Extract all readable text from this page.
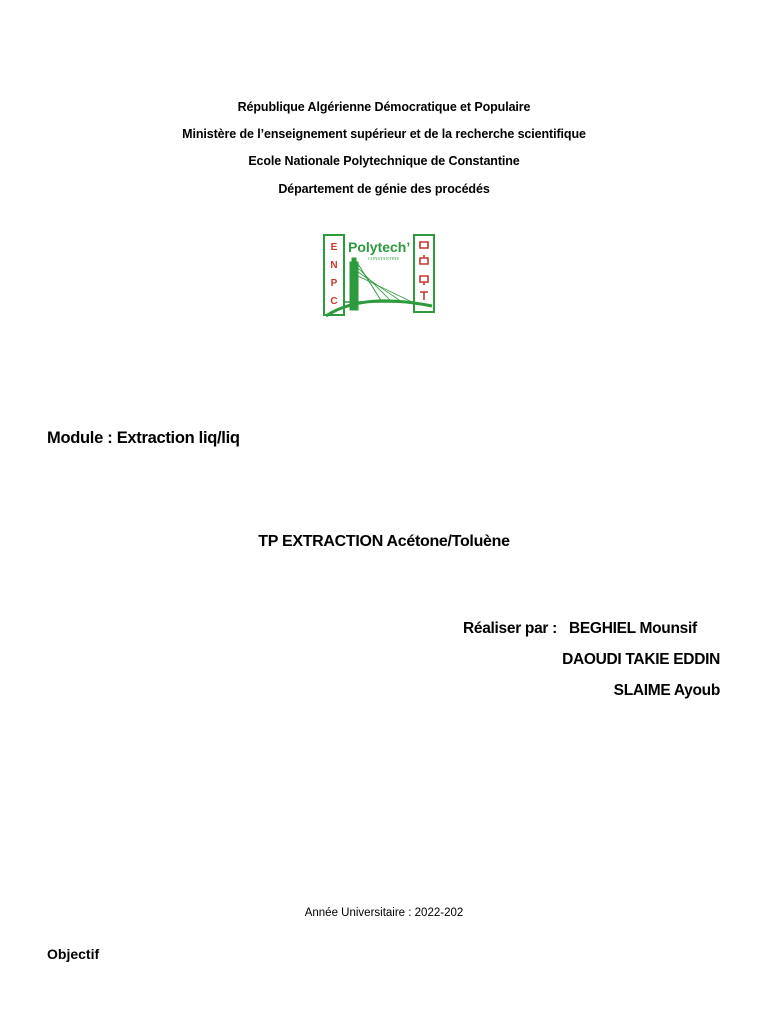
République Algérienne Démocratique et Populaire
Ministère de l’enseignement supérieur et de la recherche scientifique
Ecole Nationale Polytechnique de Constantine
Département de génie des procédés
E
N
P
C
Polytech’
CONSTANTINE
Module : Extraction liq/liq
TP EXTRACTION Acétone/Toluène
Réaliser par : BEGHIEL Mounsif
DAOUDI TAKIE EDDIN
SLAIME Ayoub
Année Universitaire : 2022-202
Objectif
